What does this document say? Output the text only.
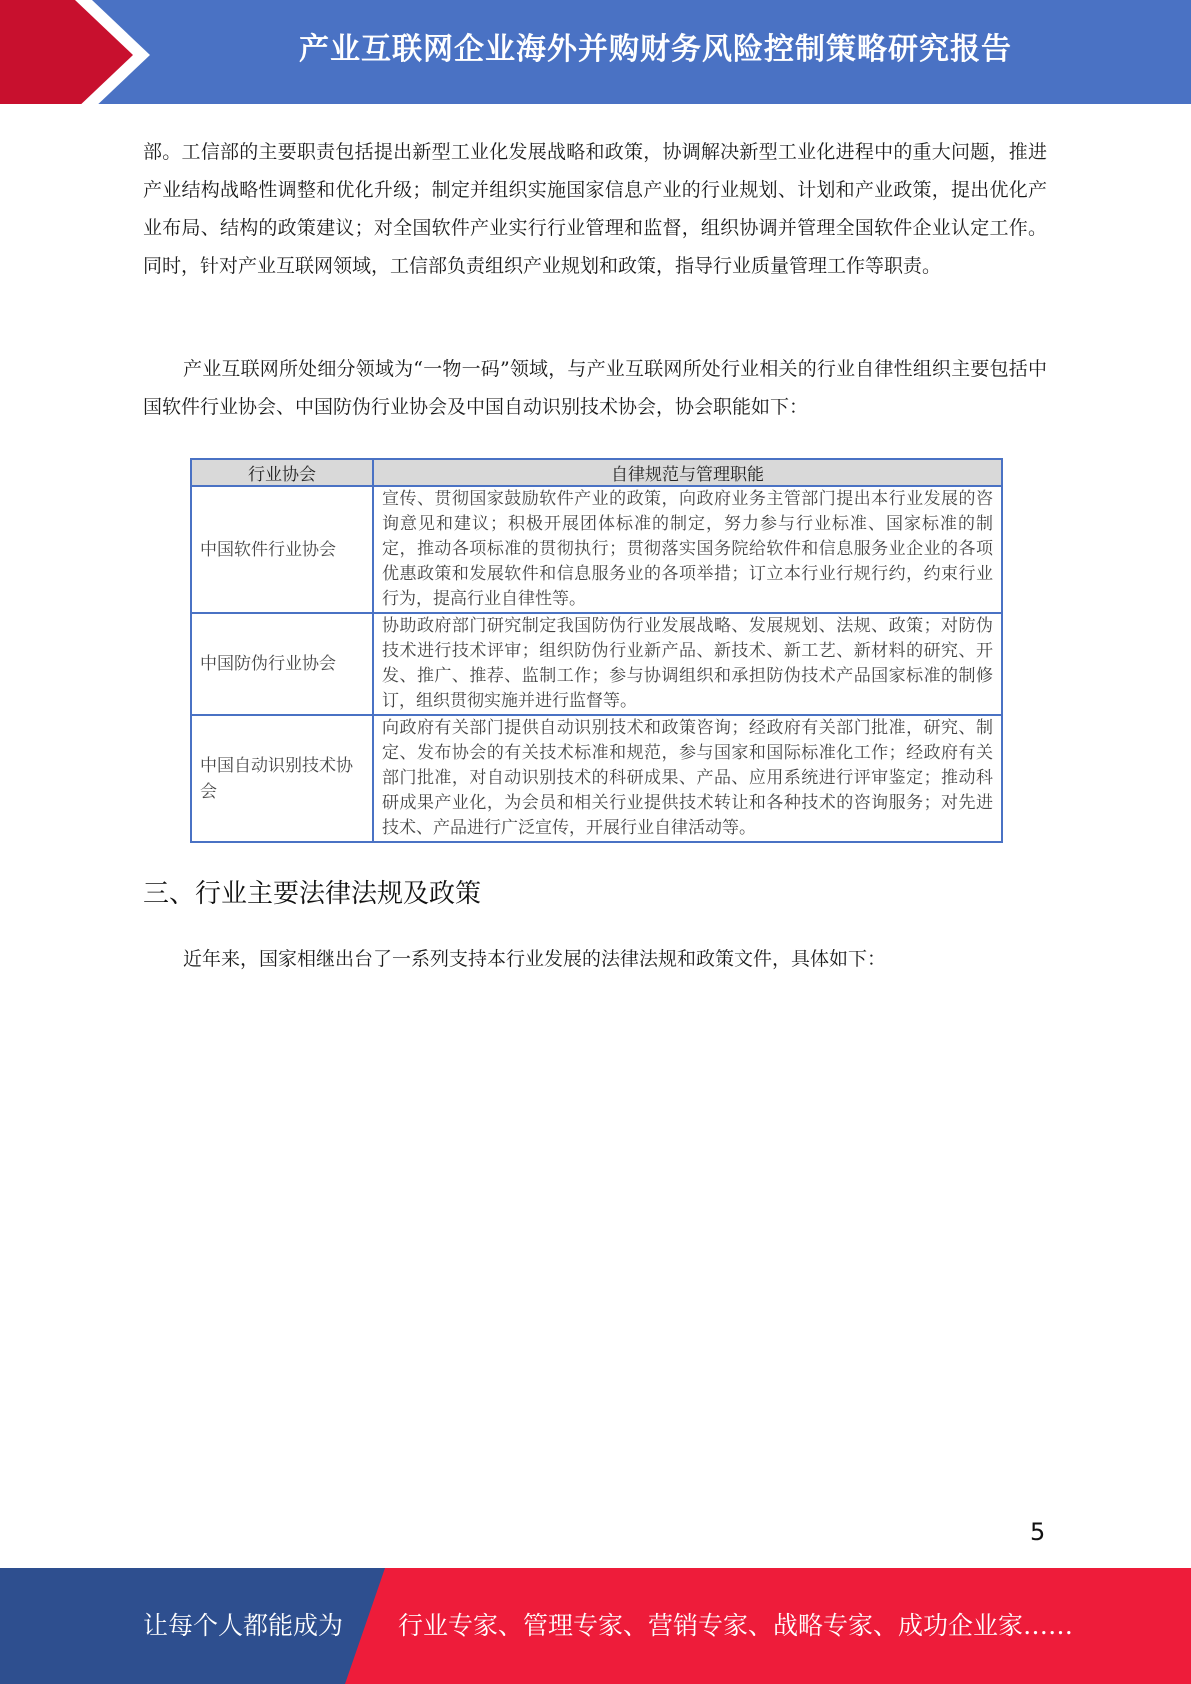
产业互联网企业海外并购财务风险控制策略研究报告
部。工信部的主要职责包括提出新型工业化发展战略和政策，协调解决新型工业化进程中的重大问题，推进产业结构战略性调整和优化升级；制定并组织实施国家信息产业的行业规划、计划和产业政策，提出优化产业布局、结构的政策建议；对全国软件产业实行行业管理和监督，组织协调并管理全国软件企业认定工作。同时，针对产业互联网领域，工信部负责组织产业规划和政策，指导行业质量管理工作等职责。
产业互联网所处细分领域为“一物一码”领域，与产业互联网所处行业相关的行业自律性组织主要包括中国软件行业协会、中国防伪行业协会及中国自动识别技术协会，协会职能如下：
行业协会	自律规范与管理职能
中国软件行业协会	宣传、贯彻国家鼓励软件产业的政策，向政府业务主管部门提出本行业发展的咨询意见和建议；积极开展团体标准的制定，努力参与行业标准、国家标准的制定，推动各项标准的贯彻执行；贯彻落实国务院给软件和信息服务业企业的各项优惠政策和发展软件和信息服务业的各项举措；订立本行业行规行约，约束行业行为，提高行业自律性等。
中国防伪行业协会	协助政府部门研究制定我国防伪行业发展战略、发展规划、法规、政策；对防伪技术进行技术评审；组织防伪行业新产品、新技术、新工艺、新材料的研究、开发、推广、推荐、监制工作；参与协调组织和承担防伪技术产品国家标准的制修订，组织贯彻实施并进行监督等。
中国自动识别技术协会	向政府有关部门提供自动识别技术和政策咨询；经政府有关部门批准，研究、制定、发布协会的有关技术标准和规范，参与国家和国际标准化工作；经政府有关部门批准，对自动识别技术的科研成果、产品、应用系统进行评审鉴定；推动科研成果产业化，为会员和相关行业提供技术转让和各种技术的咨询服务；对先进技术、产品进行广泛宣传，开展行业自律活动等。
三、行业主要法律法规及政策
近年来，国家相继出台了一系列支持本行业发展的法律法规和政策文件，具体如下：
5
让每个人都能成为 行业专家、管理专家、营销专家、战略专家、成功企业家……
